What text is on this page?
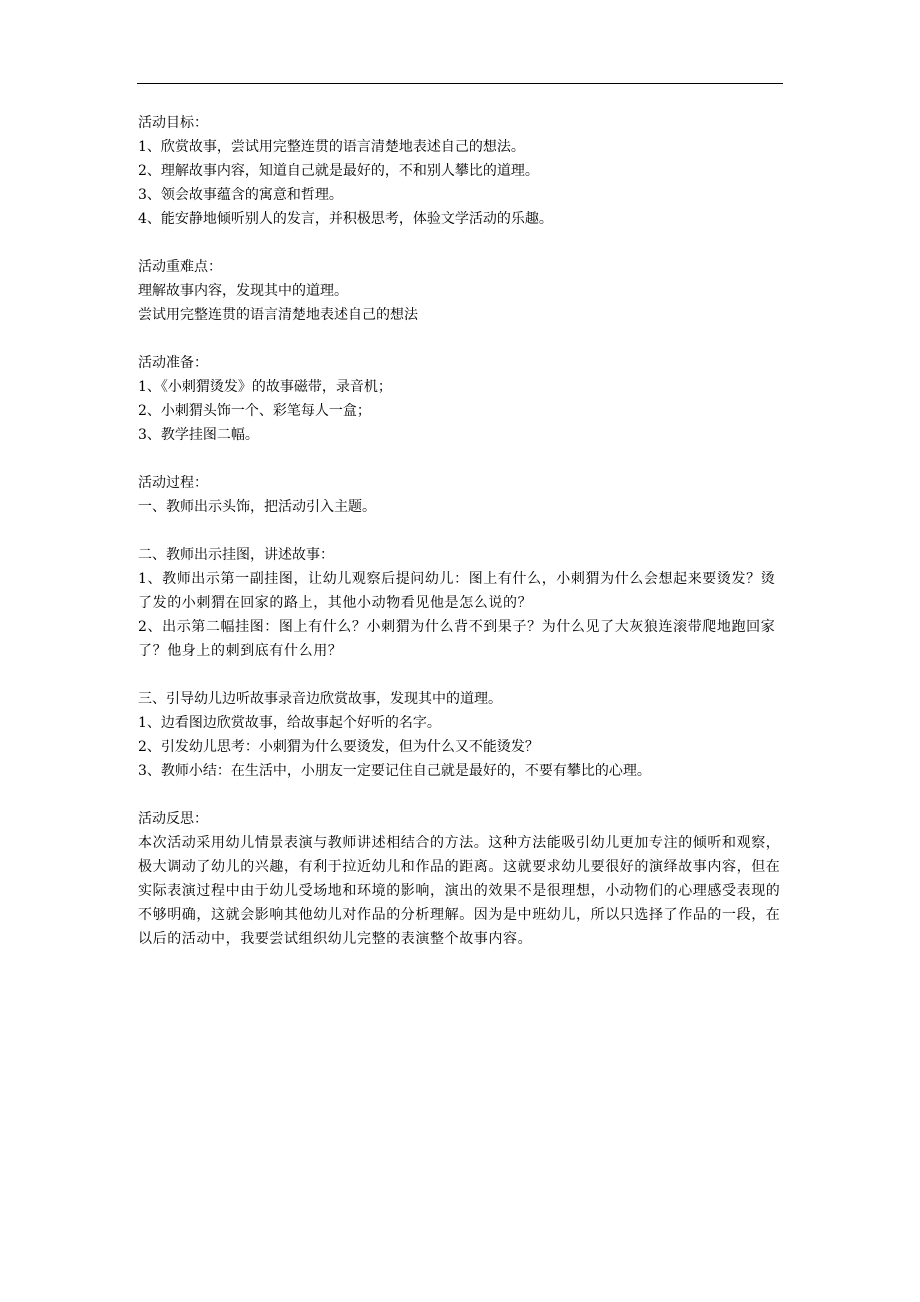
活动目标：
1、欣赏故事，尝试用完整连贯的语言清楚地表述自己的想法。
2、理解故事内容，知道自己就是最好的，不和别人攀比的道理。
3、领会故事蕴含的寓意和哲理。
4、能安静地倾听别人的发言，并积极思考，体验文学活动的乐趣。
活动重难点：
理解故事内容，发现其中的道理。
尝试用完整连贯的语言清楚地表述自己的想法
活动准备：
1、《小刺猬烫发》的故事磁带，录音机；
2、小刺猬头饰一个、彩笔每人一盒；
3、教学挂图二幅。
活动过程：
一、教师出示头饰，把活动引入主题。
二、教师出示挂图，讲述故事：
1、教师出示第一副挂图，让幼儿观察后提问幼儿：图上有什么，小刺猬为什么会想起来要烫发？烫了发的小刺猬在回家的路上，其他小动物看见他是怎么说的？
2、出示第二幅挂图：图上有什么？小刺猬为什么背不到果子？为什么见了大灰狼连滚带爬地跑回家了？他身上的刺到底有什么用？
三、引导幼儿边听故事录音边欣赏故事，发现其中的道理。
1、边看图边欣赏故事，给故事起个好听的名字。
2、引发幼儿思考：小刺猬为什么要烫发，但为什么又不能烫发？
3、教师小结：在生活中，小朋友一定要记住自己就是最好的，不要有攀比的心理。
活动反思：
本次活动采用幼儿情景表演与教师讲述相结合的方法。这种方法能吸引幼儿更加专注的倾听和观察，极大调动了幼儿的兴趣，有利于拉近幼儿和作品的距离。这就要求幼儿要很好的演绎故事内容，但在实际表演过程中由于幼儿受场地和环境的影响，演出的效果不是很理想，小动物们的心理感受表现的不够明确，这就会影响其他幼儿对作品的分析理解。因为是中班幼儿，所以只选择了作品的一段，在以后的活动中，我要尝试组织幼儿完整的表演整个故事内容。
